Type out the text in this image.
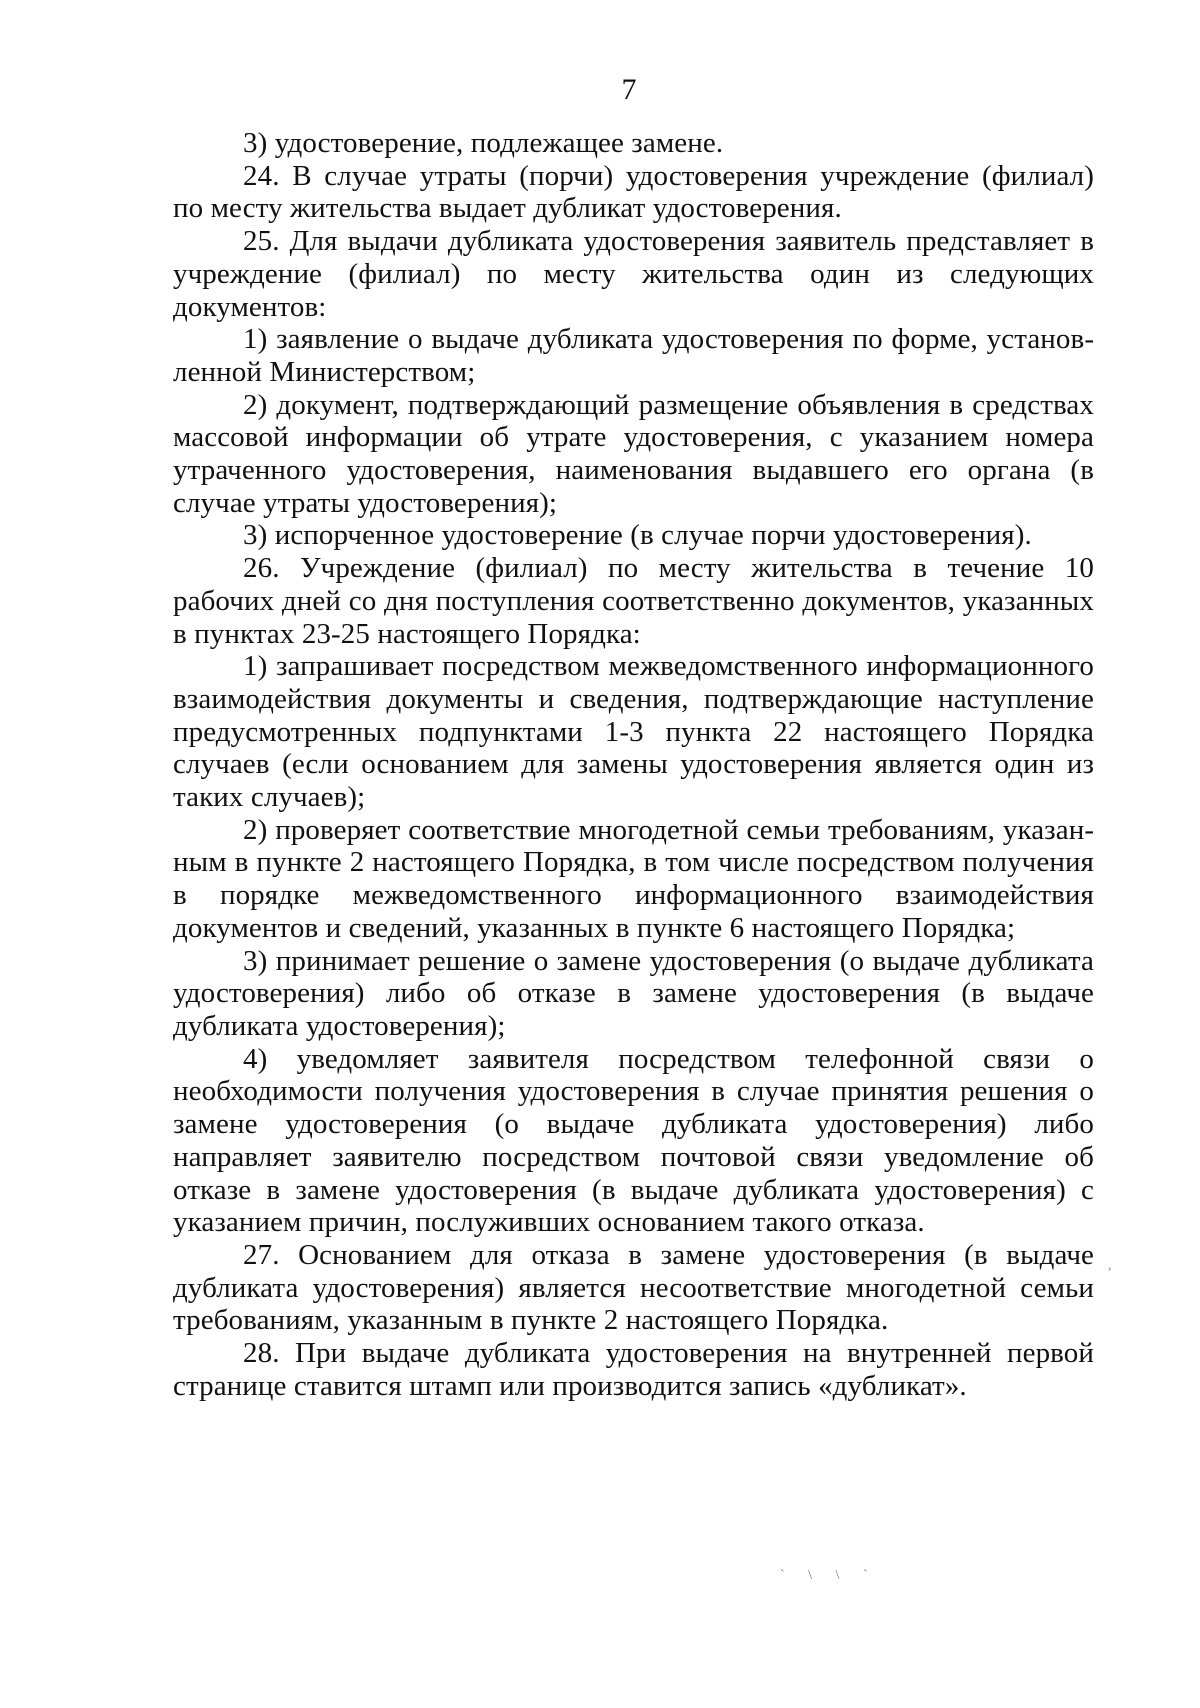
7

3) удостоверение, подлежащее замене.

24. В случае утраты (порчи) удостоверения учреждение (филиал) по месту жительства выдает дубликат удостоверения.

25. Для выдачи дубликата удостоверения заявитель представляет в учреждение (филиал) по месту жительства один из следующих документов:

1) заявление о выдаче дубликата удостоверения по форме, установленной Министерством;

2) документ, подтверждающий размещение объявления в средствах массовой информации об утрате удостоверения, с указанием номера утраченного удостоверения, наименования выдавшего его органа (в случае утраты удостоверения);

3) испорченное удостоверение (в случае порчи удостоверения).

26. Учреждение (филиал) по месту жительства в течение 10 рабочих дней со дня поступления соответственно документов, указанных в пунктах 23-25 настоящего Порядка:

1) запрашивает посредством межведомственного информационного взаимодействия документы и сведения, подтверждающие наступление предусмотренных подпунктами 1-3 пункта 22 настоящего Порядка случаев (если основанием для замены удостоверения является один из таких случаев);

2) проверяет соответствие многодетной семьи требованиям, указанным в пункте 2 настоящего Порядка, в том числе посредством получения в порядке межведомственного информационного взаимодействия документов и сведений, указанных в пункте 6 настоящего Порядка;

3) принимает решение о замене удостоверения (о выдаче дубликата удостоверения) либо об отказе в замене удостоверения (в выдаче дубликата удостоверения);

4) уведомляет заявителя посредством телефонной связи о необходимости получения удостоверения в случае принятия решения о замене удостоверения (о выдаче дубликата удостоверения) либо направляет заявителю посредством почтовой связи уведомление об отказе в замене удостоверения (в выдаче дубликата удостоверения) с указанием причин, послуживших основанием такого отказа.

27. Основанием для отказа в замене удостоверения (в выдаче дубликата удостоверения) является несоответствие многодетной семьи требованиям, указанным в пункте 2 настоящего Порядка.

28. При выдаче дубликата удостоверения на внутренней первой странице ставится штамп или производится запись «дубликат».

,
` \ \ `
